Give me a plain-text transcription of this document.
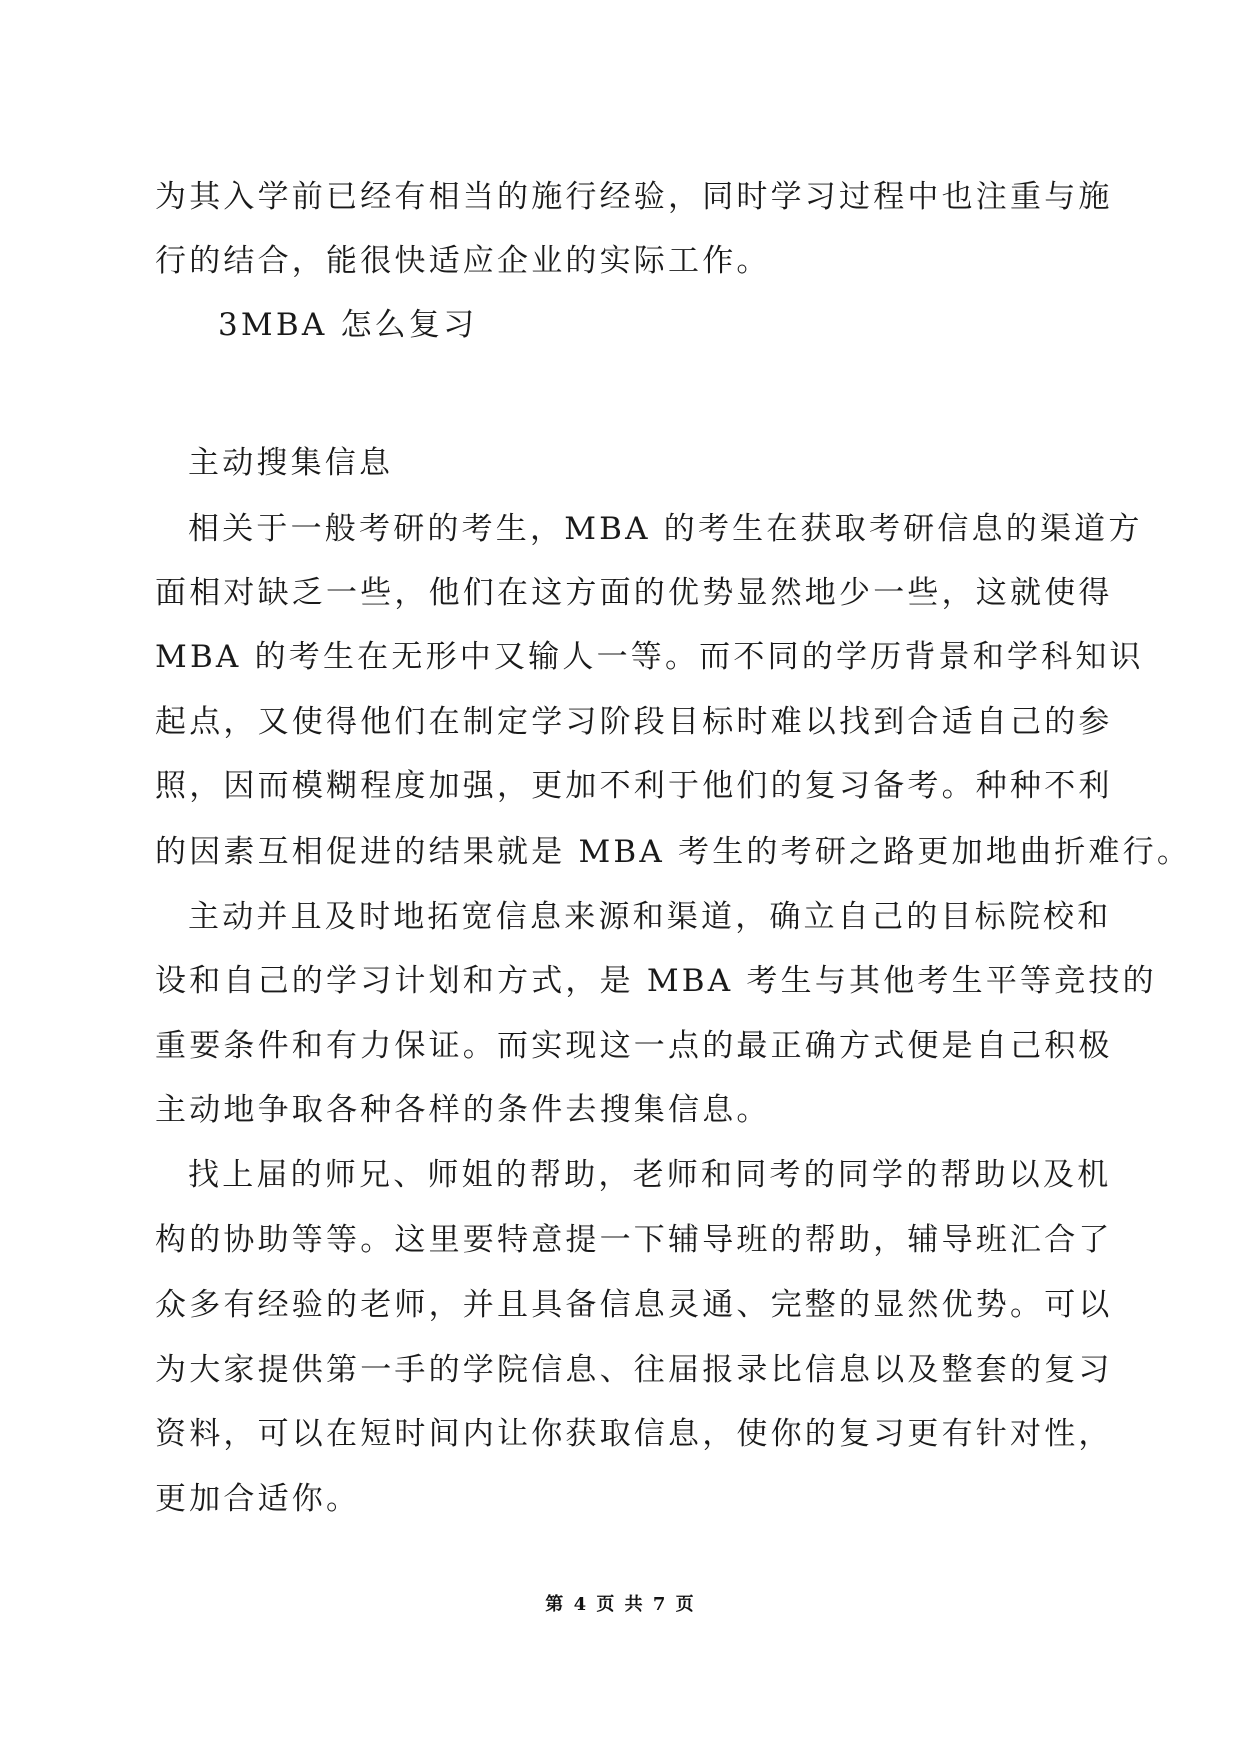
为其入学前已经有相当的施行经验，同时学习过程中也注重与施
行的结合，能很快适应企业的实际工作。
3MBA 怎么复习
主动搜集信息
相关于一般考研的考生，MBA 的考生在获取考研信息的渠道方
面相对缺乏一些，他们在这方面的优势显然地少一些，这就使得
MBA 的考生在无形中又输人一等。而不同的学历背景和学科知识
起点，又使得他们在制定学习阶段目标时难以找到合适自己的参
照，因而模糊程度加强，更加不利于他们的复习备考。种种不利
的因素互相促进的结果就是 MBA 考生的考研之路更加地曲折难行。
主动并且及时地拓宽信息来源和渠道，确立自己的目标院校和
设和自己的学习计划和方式，是 MBA 考生与其他考生平等竞技的
重要条件和有力保证。而实现这一点的最正确方式便是自己积极
主动地争取各种各样的条件去搜集信息。
找上届的师兄、师姐的帮助，老师和同考的同学的帮助以及机
构的协助等等。这里要特意提一下辅导班的帮助，辅导班汇合了
众多有经验的老师，并且具备信息灵通、完整的显然优势。可以
为大家提供第一手的学院信息、往届报录比信息以及整套的复习
资料，可以在短时间内让你获取信息，使你的复习更有针对性，
更加合适你。
第 4 页 共 7 页
